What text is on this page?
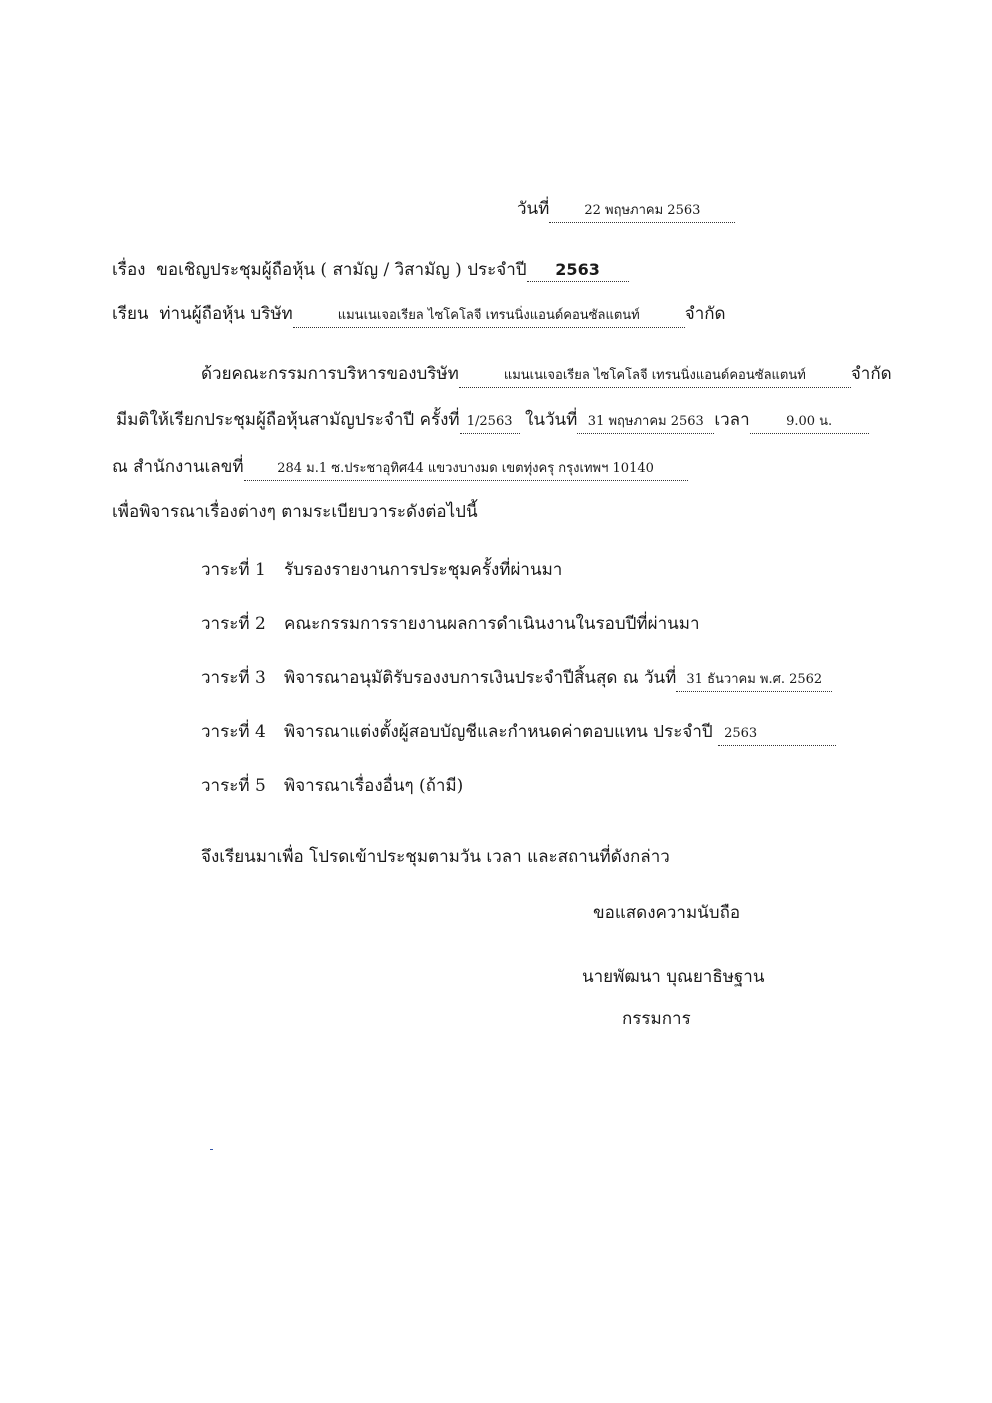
วันที่	22 พฤษภาคม 2563
เรื่อง ขอเชิญประชุมผู้ถือหุ้น ( สามัญ / วิสามัญ ) ประจำปี 2563
เรียน ท่านผู้ถือหุ้น บริษัท	แมนเนเจอเรียล ไซโคโลจี เทรนนิ่งแอนด์คอนซัลแตนท์	จำกัด
ด้วยคณะกรรมการบริหารของบริษัท	แมนเนเจอเรียล ไซโคโลจี เทรนนิ่งแอนด์คอนซัลแตนท์	จำกัด
มีมติให้เรียกประชุมผู้ถือหุ้นสามัญประจำปี ครั้งที่ 1/2563 ในวันที่ 31 พฤษภาคม 2563 เวลา	9.00 น.
ณ สำนักงานเลขที่	284 ม.1 ซ.ประชาอุทิศ44 แขวงบางมด เขตทุ่งครุ กรุงเทพฯ 10140
เพื่อพิจารณาเรื่องต่างๆ ตามระเบียบวาระดังต่อไปนี้
วาระที่ 1 รับรองรายงานการประชุมครั้งที่ผ่านมา
วาระที่ 2 คณะกรรมการรายงานผลการดำเนินงานในรอบปีที่ผ่านมา
วาระที่ 3 พิจารณาอนุมัติรับรองงบการเงินประจำปีสิ้นสุด ณ วันที่ 31 ธันวาคม พ.ศ. 2562
วาระที่ 4 พิจารณาแต่งตั้งผู้สอบบัญชีและกำหนดค่าตอบแทน ประจำปี 2563
วาระที่ 5 พิจารณาเรื่องอื่นๆ (ถ้ามี)
จึงเรียนมาเพื่อ โปรดเข้าประชุมตามวัน เวลา และสถานที่ดังกล่าว
ขอแสดงความนับถือ
นายพัฒนา บุณยาธิษฐาน
กรรมการ
